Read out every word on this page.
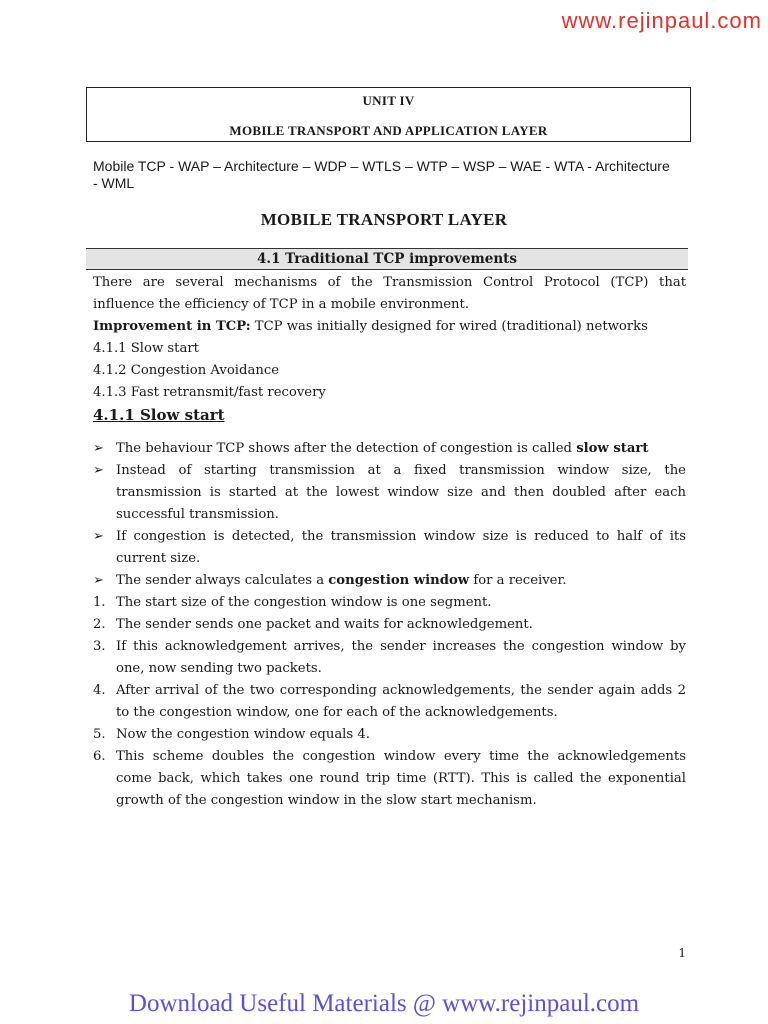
www.rejinpaul.com
UNIT IV
MOBILE TRANSPORT AND APPLICATION LAYER
Mobile TCP - WAP – Architecture – WDP – WTLS – WTP – WSP – WAE - WTA - Architecture - WML
MOBILE TRANSPORT LAYER
4.1 Traditional TCP improvements

There are several mechanisms of the Transmission Control Protocol (TCP) that influence the efficiency of TCP in a mobile environment.

Improvement in TCP: TCP was initially designed for wired (traditional) networks

4.1.1 Slow start
4.1.2 Congestion Avoidance
4.1.3 Fast retransmit/fast recovery
4.1.1 Slow start
➢ The behaviour TCP shows after the detection of congestion is called slow start
➢ Instead of starting transmission at a fixed transmission window size, the transmission is started at the lowest window size and then doubled after each successful transmission.
➢ If congestion is detected, the transmission window size is reduced to half of its current size.
➢ The sender always calculates a congestion window for a receiver.
1. The start size of the congestion window is one segment.
2. The sender sends one packet and waits for acknowledgement.
3. If this acknowledgement arrives, the sender increases the congestion window by one, now sending two packets.
4. After arrival of the two corresponding acknowledgements, the sender again adds 2 to the congestion window, one for each of the acknowledgements.
5. Now the congestion window equals 4.
6. This scheme doubles the congestion window every time the acknowledgements come back, which takes one round trip time (RTT). This is called the exponential growth of the congestion window in the slow start mechanism.
1
Download Useful Materials @ www.rejinpaul.com
